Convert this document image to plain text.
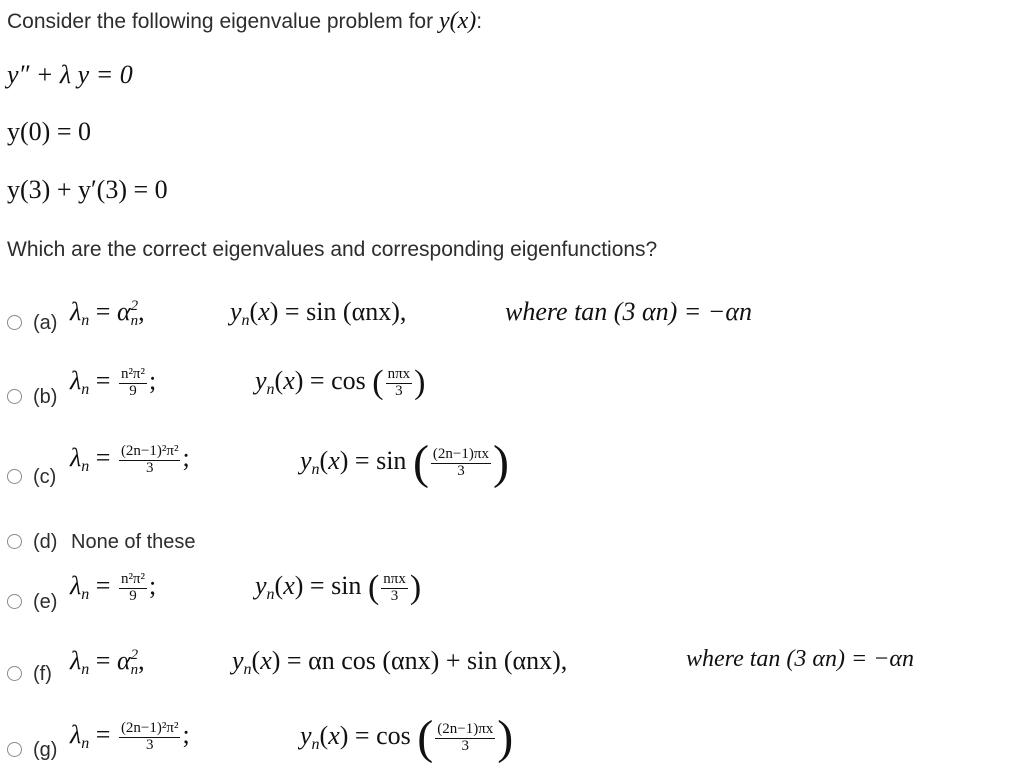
Consider the following eigenvalue problem for y(x):
y″ + λ y = 0
y(0) = 0
y(3) + y′(3) = 0
Which are the correct eigenvalues and corresponding eigenfunctions?
(a) $\lambda_n = \alpha$ 2
n ,	$y_n(x) = \sin (\alpha nx)$,	where tan (3 αn) = −αn
(b)
$\lambda_n = \frac{\text{n²π²}}{9}$ ;	$y_n(x) = \cos$ ( $\frac{\text{nπx}}{3}$ )
(c)
$\lambda_n = \frac{\text{(2n−1)²π²}}{3}$ ;	$y_n(x) = \sin$ ( $\frac{(2n-1)\pi x}{3}$ )
(d) None of these
(e)
$\lambda_n = \frac{\text{n²π²}}{9}$ ;	$y_n(x) = \sin$ ( $\frac{\text{nπx}}{3}$ )
(f) $\lambda_n = \alpha$ 2
n ,	$y_n(x) = \alpha n$ cos (αnx) + sin (αnx),	where tan (3 αn) = −αn
(g)
$\lambda_n = \frac{\text{(2n−1)²π²}}{3}$ ;	$y_n(x) = \cos$ ( $\frac{(2n-1)\pi x}{3}$ )
